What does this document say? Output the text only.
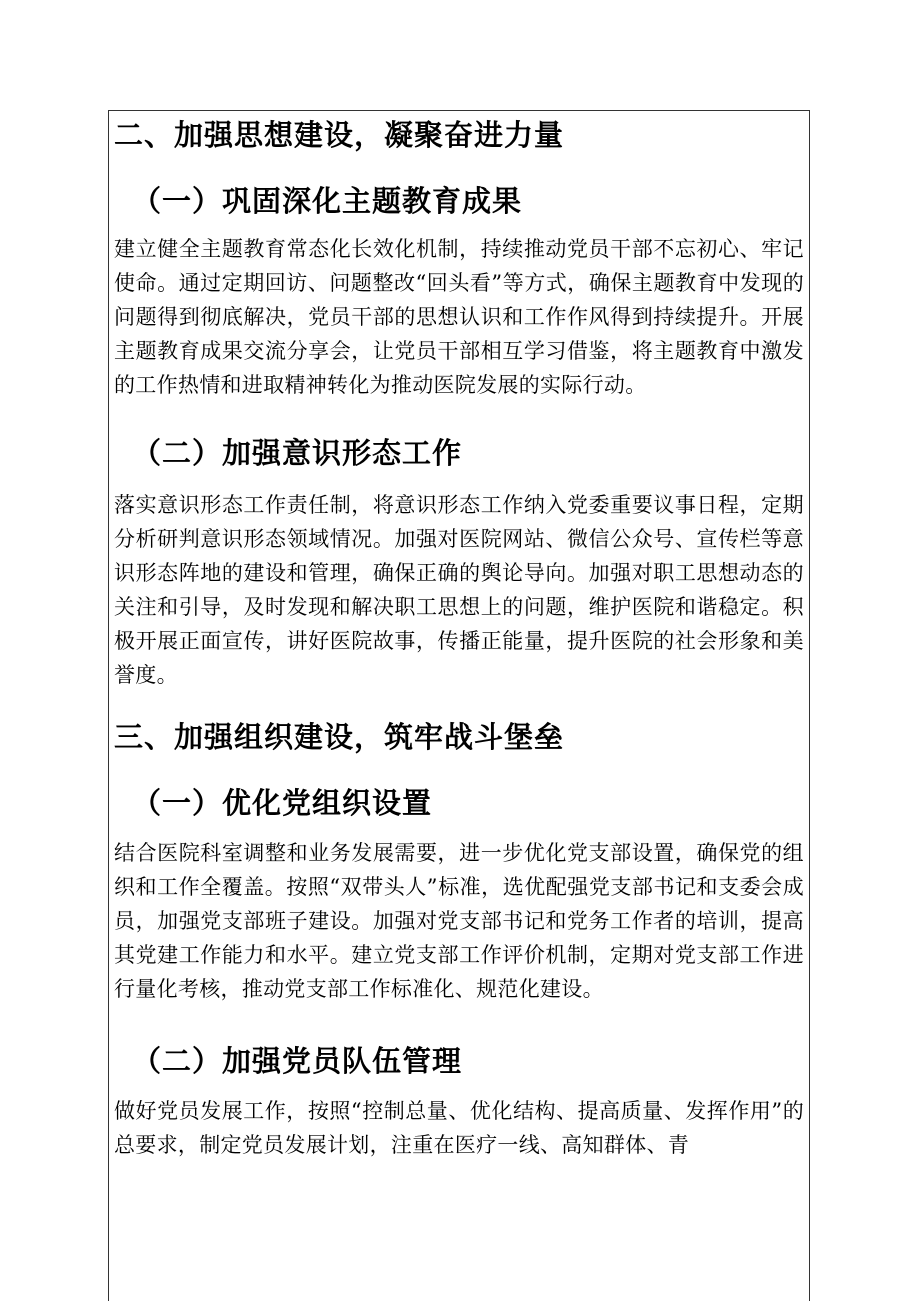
二、加强思想建设，凝聚奋进力量
（一）巩固深化主题教育成果

建立健全主题教育常态化长效化机制，持续推动党员干部不忘初心、牢记使命。通过定期回访、问题整改“回头看”等方式，确保主题教育中发现的问题得到彻底解决，党员干部的思想认识和工作作风得到持续提升。开展主题教育成果交流分享会，让党员干部相互学习借鉴，将主题教育中激发的工作热情和进取精神转化为推动医院发展的实际行动。

（二）加强意识形态工作

落实意识形态工作责任制，将意识形态工作纳入党委重要议事日程，定期分析研判意识形态领域情况。加强对医院网站、微信公众号、宣传栏等意识形态阵地的建设和管理，确保正确的舆论导向。加强对职工思想动态的关注和引导，及时发现和解决职工思想上的问题，维护医院和谐稳定。积极开展正面宣传，讲好医院故事，传播正能量，提升医院的社会形象和美誉度。

三、加强组织建设，筑牢战斗堡垒
（一）优化党组织设置

结合医院科室调整和业务发展需要，进一步优化党支部设置，确保党的组织和工作全覆盖。按照“双带头人”标准，选优配强党支部书记和支委会成员，加强党支部班子建设。加强对党支部书记和党务工作者的培训，提高其党建工作能力和水平。建立党支部工作评价机制，定期对党支部工作进行量化考核，推动党支部工作标准化、规范化建设。

（二）加强党员队伍管理

做好党员发展工作，按照“控制总量、优化结构、提高质量、发挥作用”的总要求，制定党员发展计划，注重在医疗一线、高知群体、青
